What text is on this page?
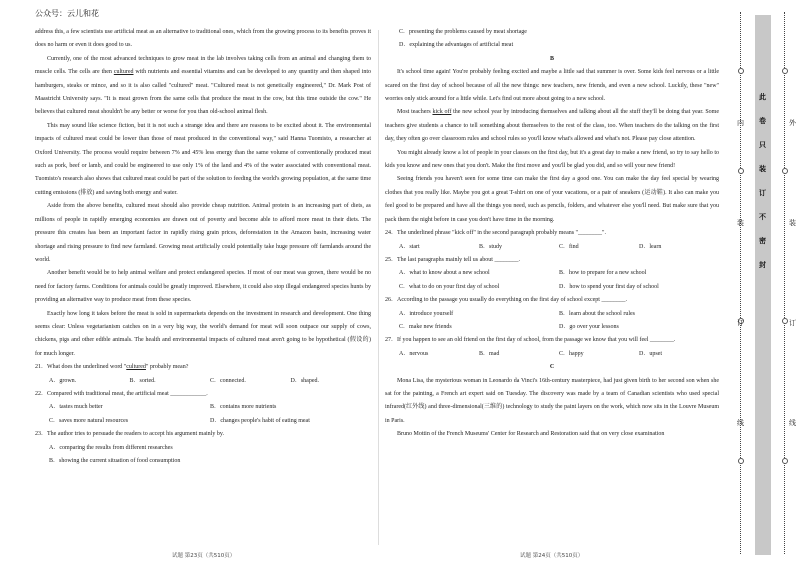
公众号：云儿和花

address this, a few scientists use artificial meat as an alternative to traditional ones, which from the growing process to its benefits proves it does no harm or even it does good to us.

Currently, one of the most advanced techniques to grow meat in the lab involves taking cells from an animal and changing them to muscle cells. The cells are then cultured with nutrients and essential vitamins and can be developed to any quantity and then shaped into hamburgers, steaks or mince, and so it is also called "cultured" meat. "Cultured meat is not genetically engineered," Dr. Mark Post of Maastricht University says. "It is meat grown from the same cells that produce the meat in the cow, but this time outside the cow." He believes that cultured meat shouldn't be any better or worse for you than old-school animal flesh.

This may sound like science fiction, but it is not such a strange idea and there are reasons to be excited about it. The environmental impacts of cultured meat could be lower than those of meat produced in the conventional way," said Hanna Tuomisto, a researcher at Oxford University. The process would require between 7% and 45% less energy than the same volume of conventionally produced meat such as pork, beef or lamb, and could be engineered to use only 1% of the land and 4% of the water associated with conventional meat. Tuomisto's research also shows that cultured meat could be part of the solution to feeding the world's growing population, at the same time cutting emissions (排放) and saving both energy and water.

Aside from the above benefits, cultured meat should also provide cheap nutrition. Animal protein is an increasing part of diets, as millions of people in rapidly emerging economies are drawn out of poverty and become able to afford more meat in their diets. The pressure this creates has been an important factor in rapidly rising grain prices, deforestation in the Amazon basin, increasing water shortage and rising pressure to find new farmland. Growing meat artificially could potentially take huge pressure off farmlands around the world.

Another benefit would be to help animal welfare and protect endangered species. If most of our meat was grown, there would be no need for factory farms. Conditions for animals could be greatly improved. Elsewhere, it could also stop illegal endangered species hunts by providing an alternative way to produce meat from these species.

Exactly how long it takes before the meat is sold in supermarkets depends on the investment in research and development. One thing seems clear: Unless vegetarianism catches on in a very big way, the world's demand for meat will soon outpace our supply of cows, chickens, pigs and other edible animals. The health and environmental impacts of cultured meat aren't going to be hypothetical (假设的) for much longer.

21．What does the underlined word "cultured" probably mean?

A．grown.	B．sorted.	C．connected.	D．shaped.

22．Compared with traditional meat, the artificial meat ____________.

A．tastes much better	B．contains more nutrients
C．saves more natural resources	D．changes people's habit of eating meat

23．The author tries to persuade the readers to accept his argument mainly by.

A．comparing the results from different researches
B．showing the current situation of food consumption
C．presenting the problems caused by meat shortage
D．explaining the advantages of artificial meat

B

It's school time again! You're probably feeling excited and maybe a little sad that summer is over. Some kids feel nervous or a little scared on the first day of school because of all the new things: new teachers, new friends, and even a new school. Luckily, these "new" worries only stick around for a little while. Let's find out more about going to a new school.

Most teachers kick off the new school year by introducing themselves and talking about all the stuff they'll be doing that year. Some teachers give students a chance to tell something about themselves to the rest of the class, too. When teachers do the talking on the first day, they often go over classroom rules and school rules so you'll know what's allowed and what's not. Please pay close attention.

You might already know a lot of people in your classes on the first day, but it's a great day to make a new friend, so try to say hello to kids you know and new ones that you don't. Make the first move and you'll be glad you did, and so will your new friend!

Seeing friends you haven't seen for some time can make the first day a good one. You can make the day feel special by wearing clothes that you really like. Maybe you got a great T-shirt on one of your vacations, or a pair of sneakers (运动鞋). It also can make you feel good to be prepared and have all the things you need, such as pencils, folders, and whatever else you'll need. But make sure that you pack them the night before in case you don't have time in the morning.

24．The underlined phrase "kick off" in the second paragraph probably means "________".

A．start	B．study	C．find	D．learn

25．The last paragraphs mainly tell us about ________.

A．what to know about a new school	B．how to prepare for a new school
C．what to do on your first day of school	D．how to spend your first day of school

26．According to the passage you usually do everything on the first day of school except ________.

A．introduce yourself	B．learn about the school rules
C．make new friends	D．go over your lessons

27．If you happen to see an old friend on the first day of school, from the passage we know that you will feel ________.

A．nervous	B．mad	C．happy	D．upset

C

Mona Lisa, the mysterious woman in Leonardo da Vinci's 16th-century masterpiece, had just given birth to her second son when she sat for the painting, a French art expert said on Tuesday. The discovery was made by a team of Canadian scientists who used special infrared(红外线) and three-dimensional(三维的) technology to study the paint layers on the work, which now sits in the Louvre Museum in Paris.

Bruno Mottin of the French Museums' Center for Research and Restoration said that on very close examination

试题 第23页（共510页）	试题 第24页（共510页）
内
装
订
线
外
装
订
线
此
卷
只
装
订
不
密
封
